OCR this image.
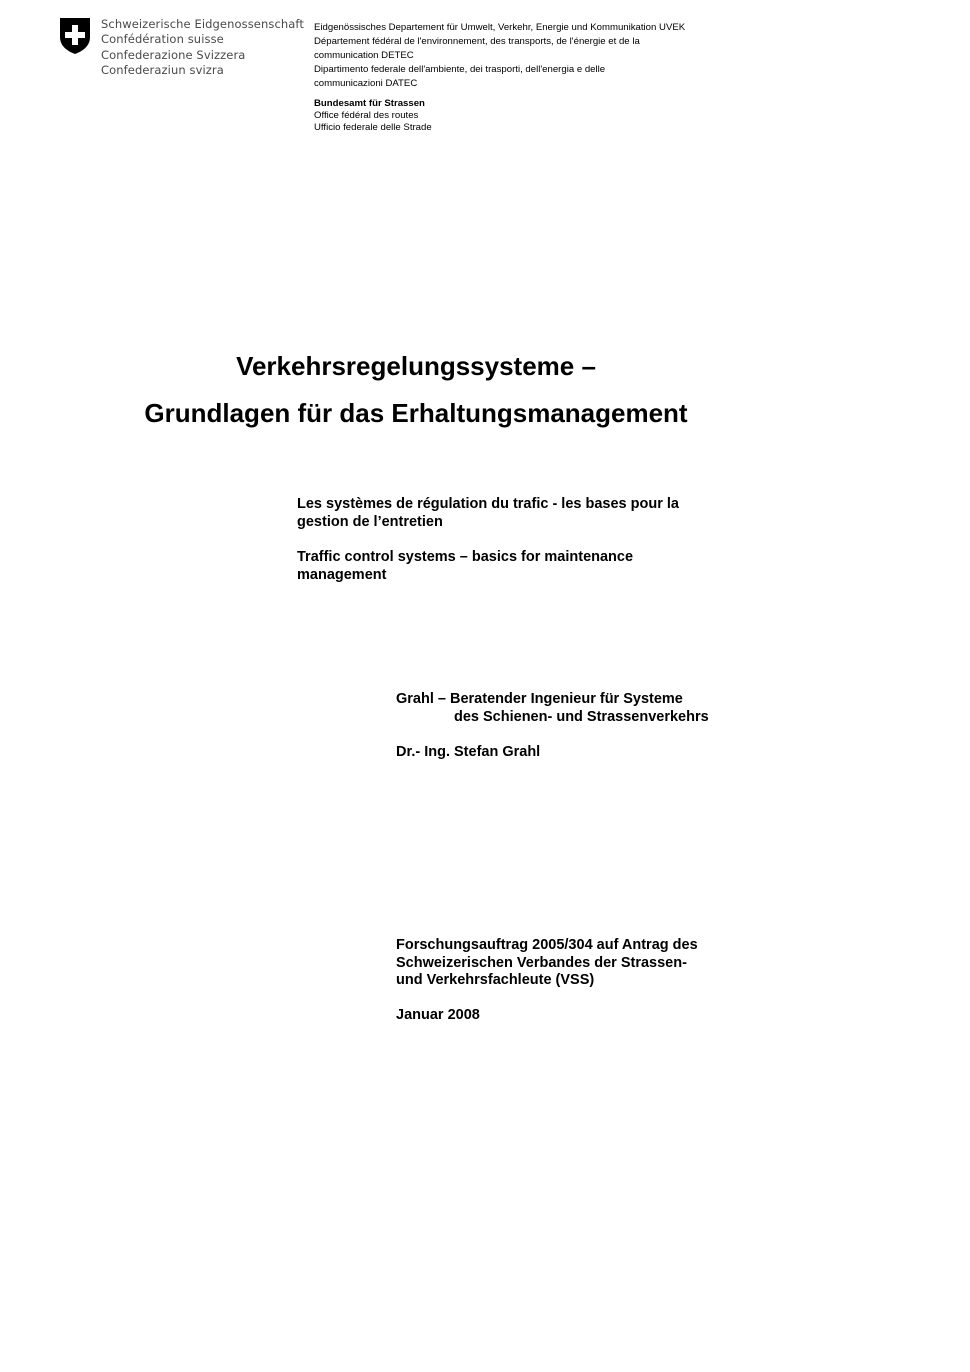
Schweizerische Eidgenossenschaft
Confédération suisse
Confederazione Svizzera
Confederaziun svizra
Eidgenössisches Departement für Umwelt, Verkehr, Energie und Kommunikation UVEK
Département fédéral de l'environnement, des transports, de l'énergie et de la
communication DETEC
Dipartimento federale dell'ambiente, dei trasporti, dell'energia e delle
communicazioni DATEC
Bundesamt für Strassen
Office fédéral des routes
Ufficio federale delle Strade
Verkehrsregelungssysteme –
Grundlagen für das Erhaltungsmanagement
Les systèmes de régulation du trafic - les bases pour la
gestion de l’entretien
Traffic control systems – basics for maintenance
management
Grahl – Beratender Ingenieur für Systeme
des Schienen- und Strassenverkehrs
Dr.- Ing. Stefan Grahl
Forschungsauftrag 2005/304 auf Antrag des
Schweizerischen Verbandes der Strassen-
und Verkehrsfachleute (VSS)
Januar 2008
